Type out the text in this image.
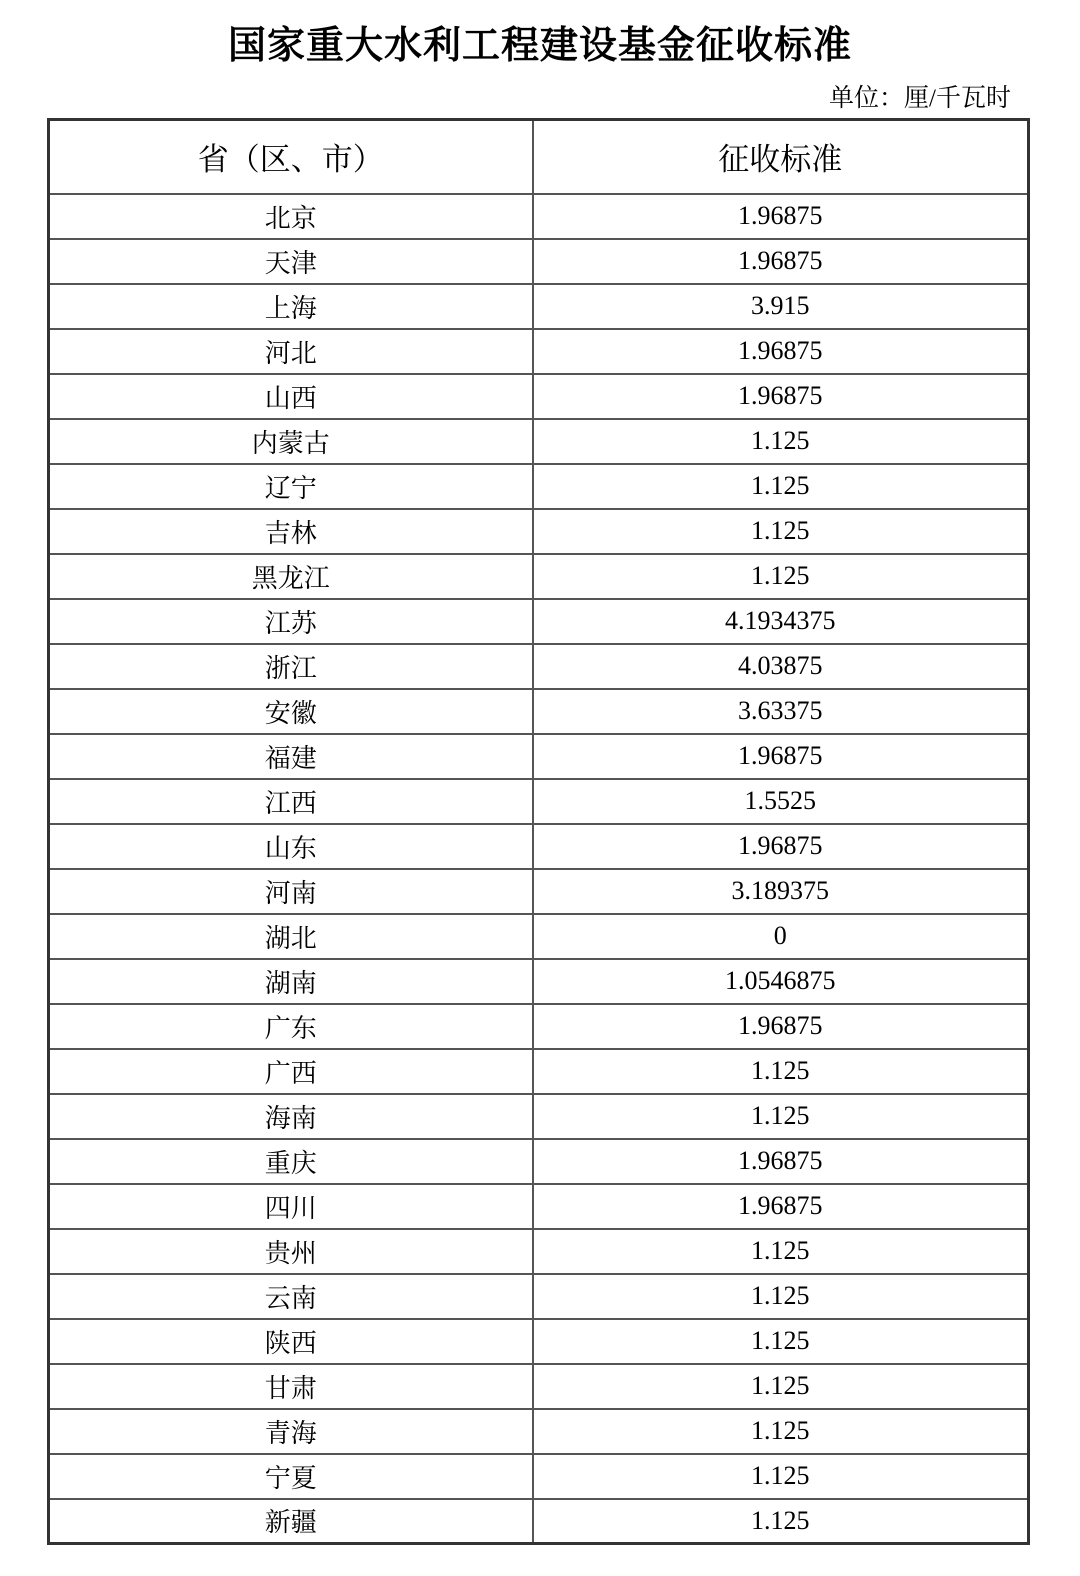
国家重大水利工程建设基金征收标准
单位：厘/千瓦时
省（区、市）	征收标准
北京	1.96875
天津	1.96875
上海	3.915
河北	1.96875
山西	1.96875
内蒙古	1.125
辽宁	1.125
吉林	1.125
黑龙江	1.125
江苏	4.1934375
浙江	4.03875
安徽	3.63375
福建	1.96875
江西	1.5525
山东	1.96875
河南	3.189375
湖北	0
湖南	1.0546875
广东	1.96875
广西	1.125
海南	1.125
重庆	1.96875
四川	1.96875
贵州	1.125
云南	1.125
陕西	1.125
甘肃	1.125
青海	1.125
宁夏	1.125
新疆	1.125
